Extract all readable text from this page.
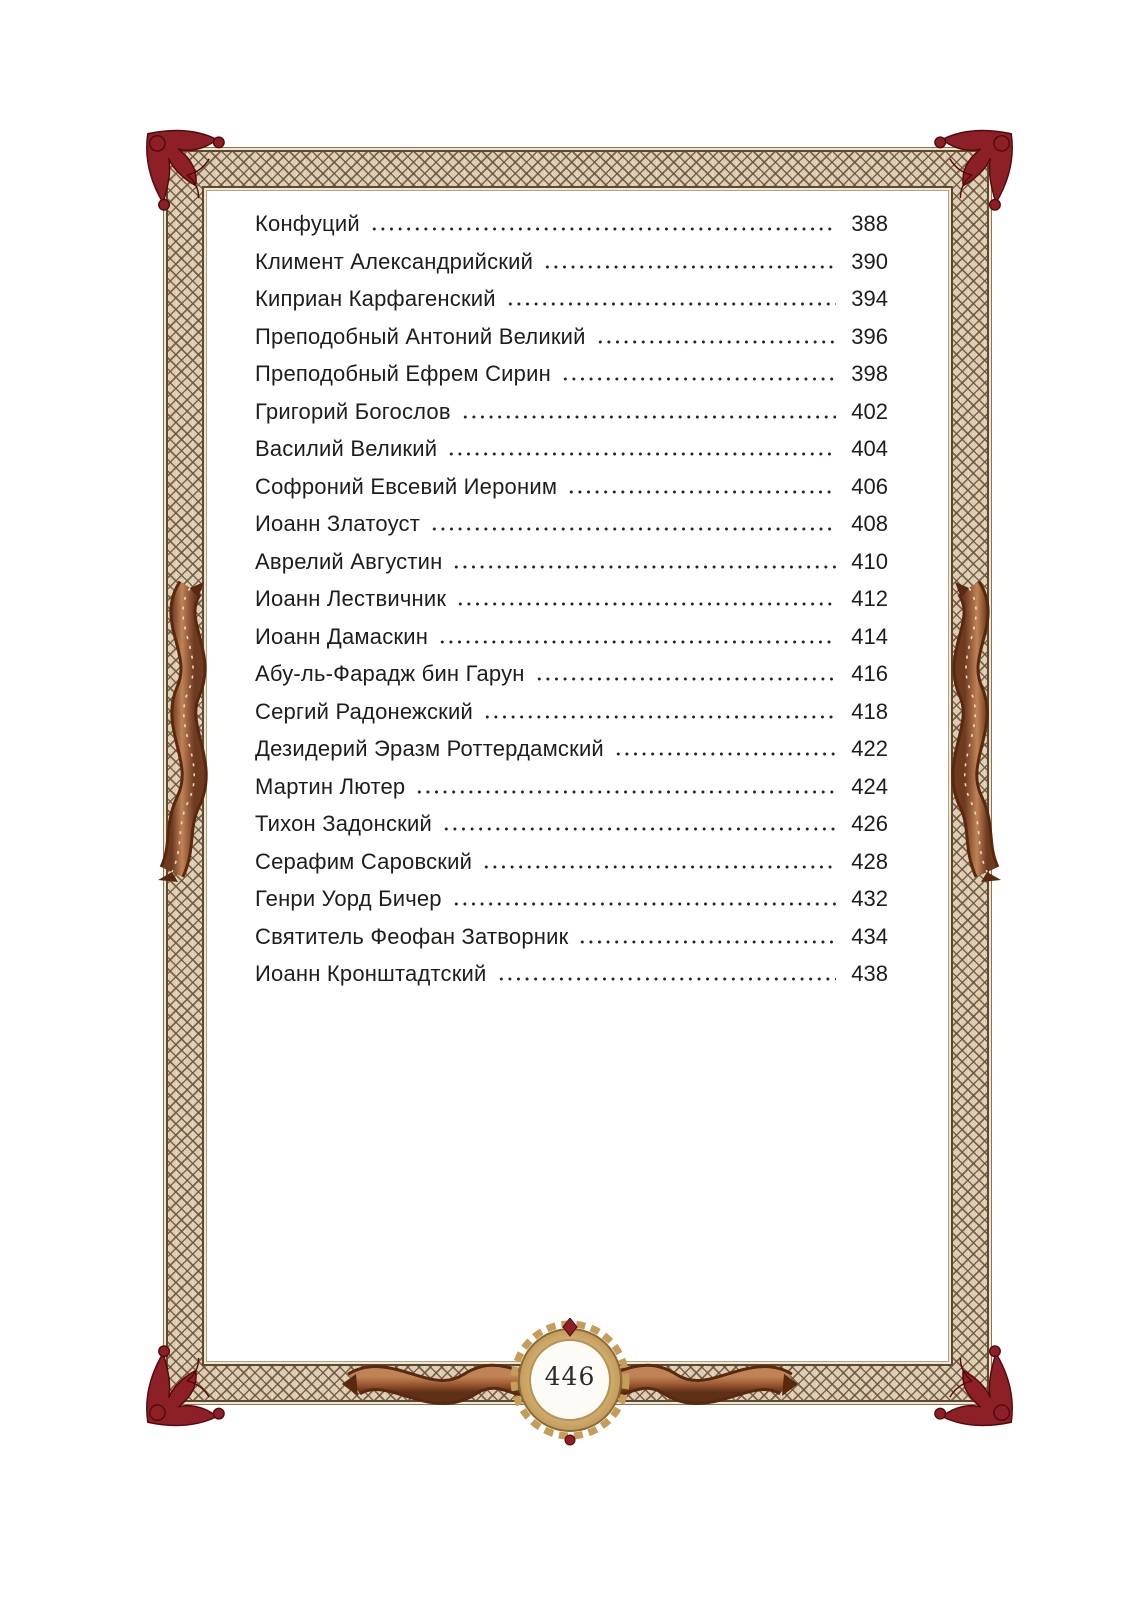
446
Конфуций	388
Климент Александрийский	390
Киприан Карфагенский	394
Преподобный Антоний Великий	396
Преподобный Ефрем Сирин	398
Григорий Богослов	402
Василий Великий	404
Софроний Евсевий Иероним	406
Иоанн Златоуст	408
Аврелий Августин	410
Иоанн Лествичник	412
Иоанн Дамаскин	414
Абу-ль-Фарадж бин Гарун	416
Сергий Радонежский	418
Дезидерий Эразм Роттердамский	422
Мартин Лютер	424
Тихон Задонский	426
Серафим Саровский	428
Генри Уорд Бичер	432
Святитель Феофан Затворник	434
Иоанн Кронштадтский	438
